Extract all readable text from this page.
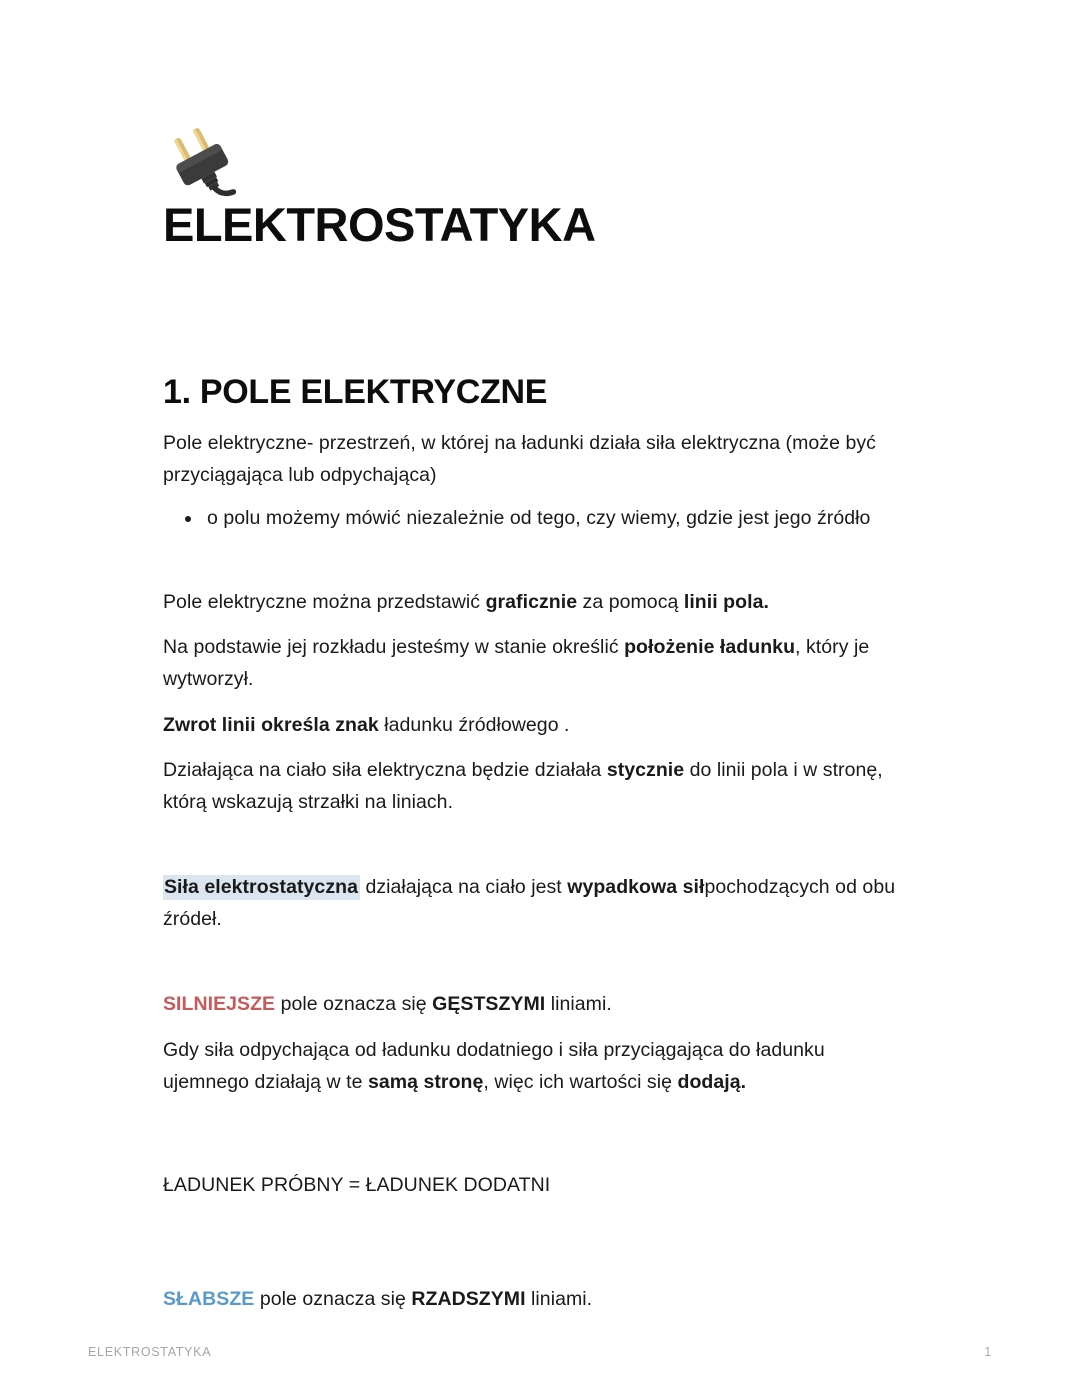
ELEKTROSTATYKA
1. POLE ELEKTRYCZNE

Pole elektryczne- przestrzeń, w której na ładunki działa siła elektryczna (może być przyciągająca lub odpychająca)

o polu możemy mówić niezależnie od tego, czy wiemy, gdzie jest jego źródło

Pole elektryczne można przedstawić graficznie za pomocą linii pola.

Na podstawie jej rozkładu jesteśmy w stanie określić położenie ładunku, który je wytworzył.

Zwrot linii określa znak ładunku źródłowego .

Działająca na ciało siła elektryczna będzie działała stycznie do linii pola i w stronę, którą wskazują strzałki na liniach.

Siła elektrostatyczna działająca na ciało jest wypadkowa siłpochodzących od obu źródeł.

SILNIEJSZE pole oznacza się GĘSTSZYMI liniami.

Gdy siła odpychająca od ładunku dodatniego i siła przyciągająca do ładunku ujemnego działają w te samą stronę, więc ich wartości się dodają.

ŁADUNEK PRÓBNY = ŁADUNEK DODATNI

SŁABSZE pole oznacza się RZADSZYMI liniami.

ELEKTROSTATYKA	1
